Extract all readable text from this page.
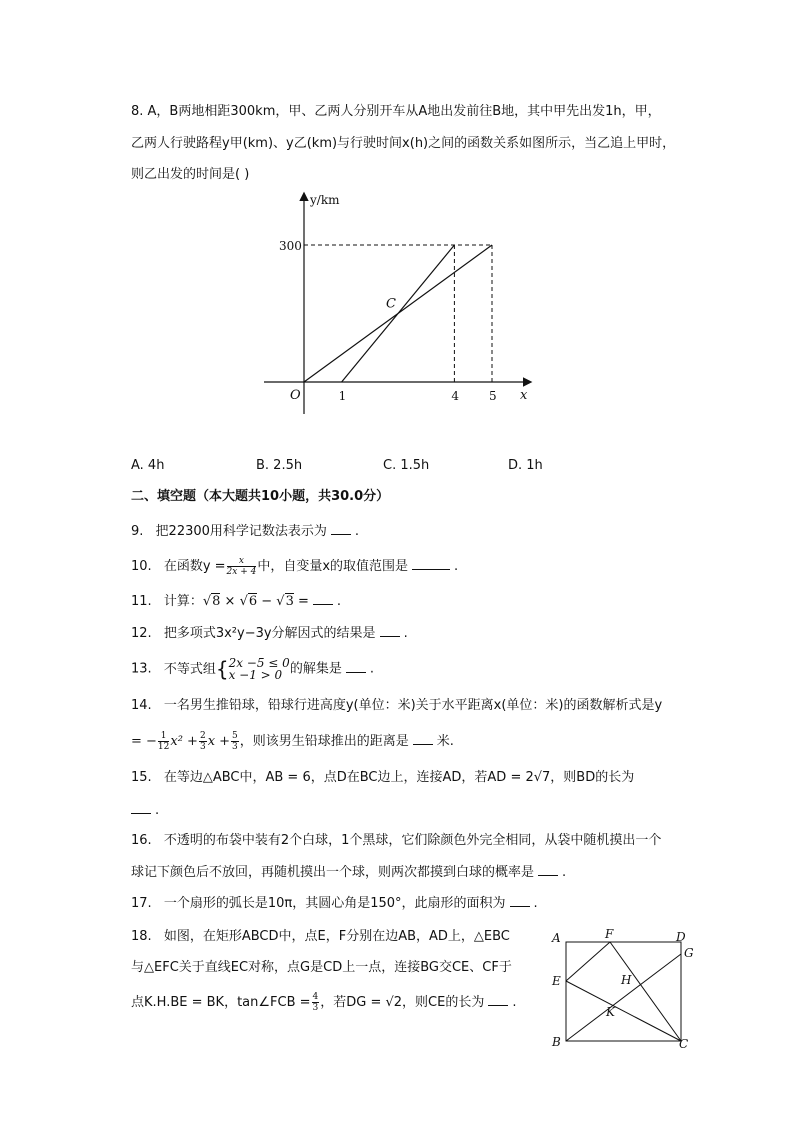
8. A，B两地相距300km，甲、乙两人分别开车从A地出发前往B地，其中甲先出发1h，甲，
乙两人行驶路程y甲(km)、y乙(km)与行驶时间x(h)之间的函数关系如图所示，当乙追上甲时，
则乙出发的时间是( )
y/km
x
O
300
1	4 5
C
A. 4h	B. 2.5h	C. 1.5h	D. 1h
二、填空题（本大题共10小题，共30.0分）
9. 把22300用科学记数法表示为 .
10. 在函数$y = \frac{x}{2x + 4}$ 中，自变量x的取值范围是	.
11. 计算：√8 × √6 − √3 = .
12. 把多项式3x²y−3y分解因式的结果是 .
13. 不等式组{ 2x −5 ≤ 0
x −1 > 0 的解集是 .
14. 一名男生推铅球，铅球行进高度y(单位：米)关于水平距离x(单位：米)的函数解析式是y
= − $\frac{1}{12} x^2 + \frac{2}{3}$ $x + \frac{5}{3}$ ，则该男生铅球推出的距离是 米.
15. 在等边△ABC中，AB = 6，点D在BC边上，连接AD，若AD = 2√7，则BD的长为
.
16. 不透明的布袋中装有2个白球，1个黑球，它们除颜色外完全相同，从袋中随机摸出一个
球记下颜色后不放回，再随机摸出一个球，则两次都摸到白球的概率是 .
17. 一个扇形的弧长是10π，其圆心角是150°，此扇形的面积为 .
18. 如图，在矩形ABCD中，点E，F分别在边AB，AD上，△EBC
与△EFC关于直线EC对称，点G是CD上一点，连接BG交CE、CF于
点K.H.BE = BK，tan∠FCB = $\frac{4}{3}$ ，若DG = √2，则CE的长为 .
A	F	D
G
E	H
K
B	C
